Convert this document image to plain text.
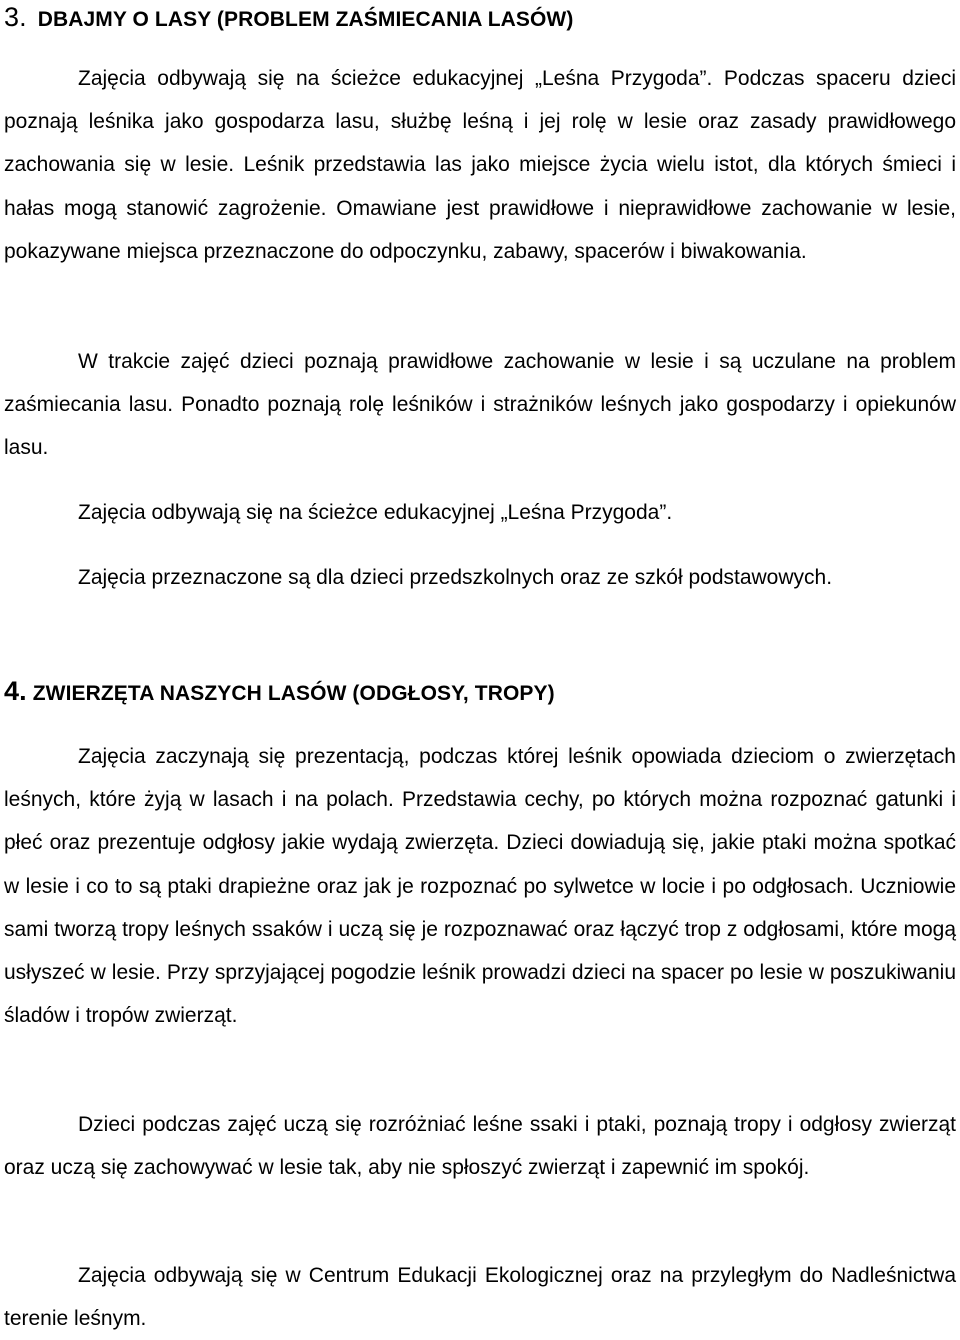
3. DBAJMY O LASY (PROBLEM ZAŚMIECANIA LASÓW)

Zajęcia odbywają się na ścieżce edukacyjnej „Leśna Przygoda”. Podczas spaceru dzieci poznają leśnika jako gospodarza lasu, służbę leśną i jej rolę w lesie oraz zasady prawidłowego zachowania się w lesie. Leśnik przedstawia las jako miejsce życia wielu istot, dla których śmieci i hałas mogą stanowić zagrożenie. Omawiane jest prawidłowe i nieprawidłowe zachowanie w lesie, pokazywane miejsca przeznaczone do odpoczynku, zabawy, spacerów i biwakowania.

W trakcie zajęć dzieci poznają prawidłowe zachowanie w lesie i są uczulane na problem zaśmiecania lasu. Ponadto poznają rolę leśników i strażników leśnych jako gospodarzy i opiekunów lasu.

Zajęcia odbywają się na ścieżce edukacyjnej „Leśna Przygoda”.

Zajęcia przeznaczone są dla dzieci przedszkolnych oraz ze szkół podstawowych.

4. ZWIERZĘTA NASZYCH LASÓW (ODGŁOSY, TROPY)

Zajęcia zaczynają się prezentacją, podczas której leśnik opowiada dzieciom o zwierzętach leśnych, które żyją w lasach i na polach. Przedstawia cechy, po których można rozpoznać gatunki i płeć oraz prezentuje odgłosy jakie wydają zwierzęta. Dzieci dowiadują się, jakie ptaki można spotkać w lesie i co to są ptaki drapieżne oraz jak je rozpoznać po sylwetce w locie i po odgłosach. Uczniowie sami tworzą tropy leśnych ssaków i uczą się je rozpoznawać oraz łączyć trop z odgłosami, które mogą usłyszeć w lesie. Przy sprzyjającej pogodzie leśnik prowadzi dzieci na spacer po lesie w poszukiwaniu śladów i tropów zwierząt.

Dzieci podczas zajęć uczą się rozróżniać leśne ssaki i ptaki, poznają tropy i odgłosy zwierząt oraz uczą się zachowywać w lesie tak, aby nie spłoszyć zwierząt i zapewnić im spokój.

Zajęcia odbywają się w Centrum Edukacji Ekologicznej oraz na przyległym do Nadleśnictwa terenie leśnym.
